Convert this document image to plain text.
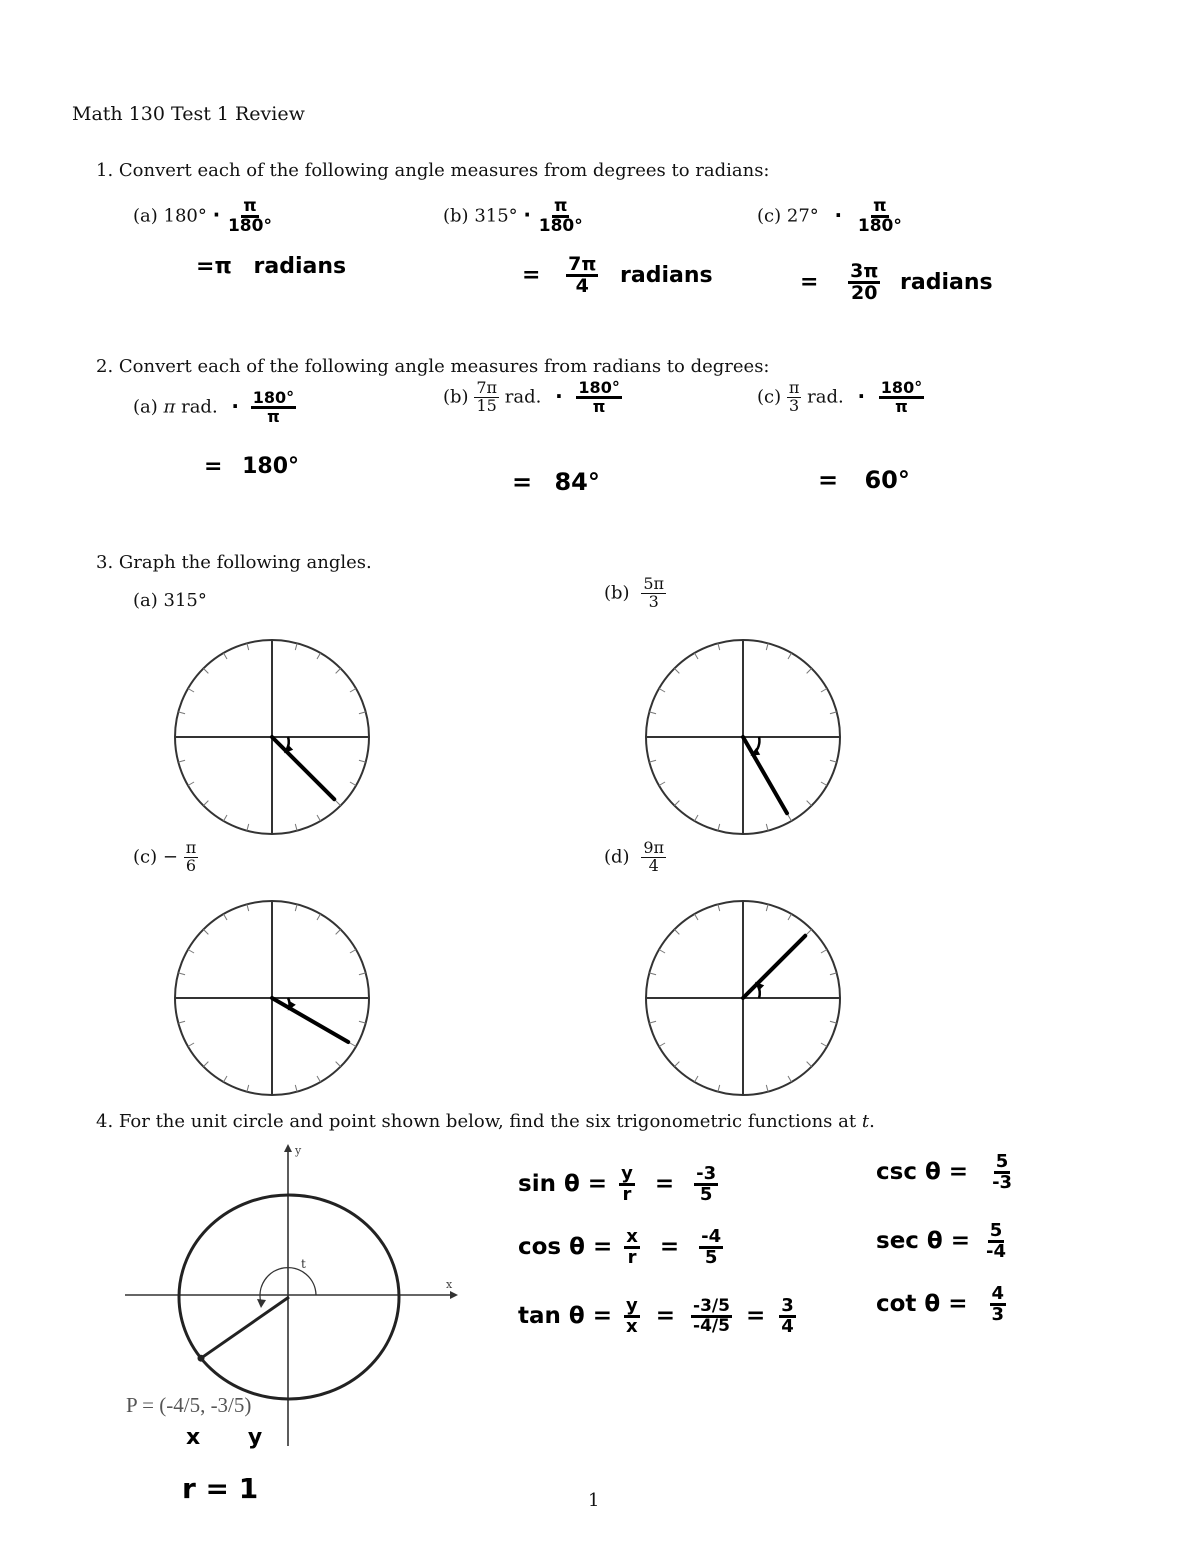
Math 130 Test 1 Review
1. Convert each of the following angle measures from degrees to radians:
(a) $180^\circ \cdot \frac{\pi}{180^\circ}$
=π radians
(b) $315^\circ \cdot \frac{\pi}{180^\circ}$
= $\frac{7\pi}{4}$ radians
(c) $27^\circ \cdot \frac{\pi}{180^\circ}$
= $\frac{3\pi}{20}$ radians
2. Convert each of the following angle measures from radians to degrees:
(a) π rad. · $\frac{180^\circ}{\pi}$
= 180°
$(b) \frac{7\pi}{15}$ rad. · $\frac{180^\circ}{\pi}$
= 84°
$(c) \frac{\pi}{3}$ rad. · $\frac{180^\circ}{\pi}$
= 60°
3. Graph the following angles.
(a) 315°	$(b) \frac{5\pi}{3}$
$(c) - \frac{\pi}{6}$	$(d) \frac{9\pi}{4}$
4. For the unit circle and point shown below, find the six trigonometric functions at t.
y
x
t
P = (-4/5, -3/5)
x y
r = 1
$\sin \theta = \frac{y}{r} = \frac{-3}{5}$
$\cos \theta = \frac{x}{r} = \frac{-4}{5}$
$\tan \theta = \frac{y}{x} = \frac{-3/5}{-4/5} = \frac{3}{4}$
$\csc \theta = \frac{5}{-3}$
$\sec \theta = \frac{5}{-4}$
$\cot \theta = \frac{4}{3}$
1
